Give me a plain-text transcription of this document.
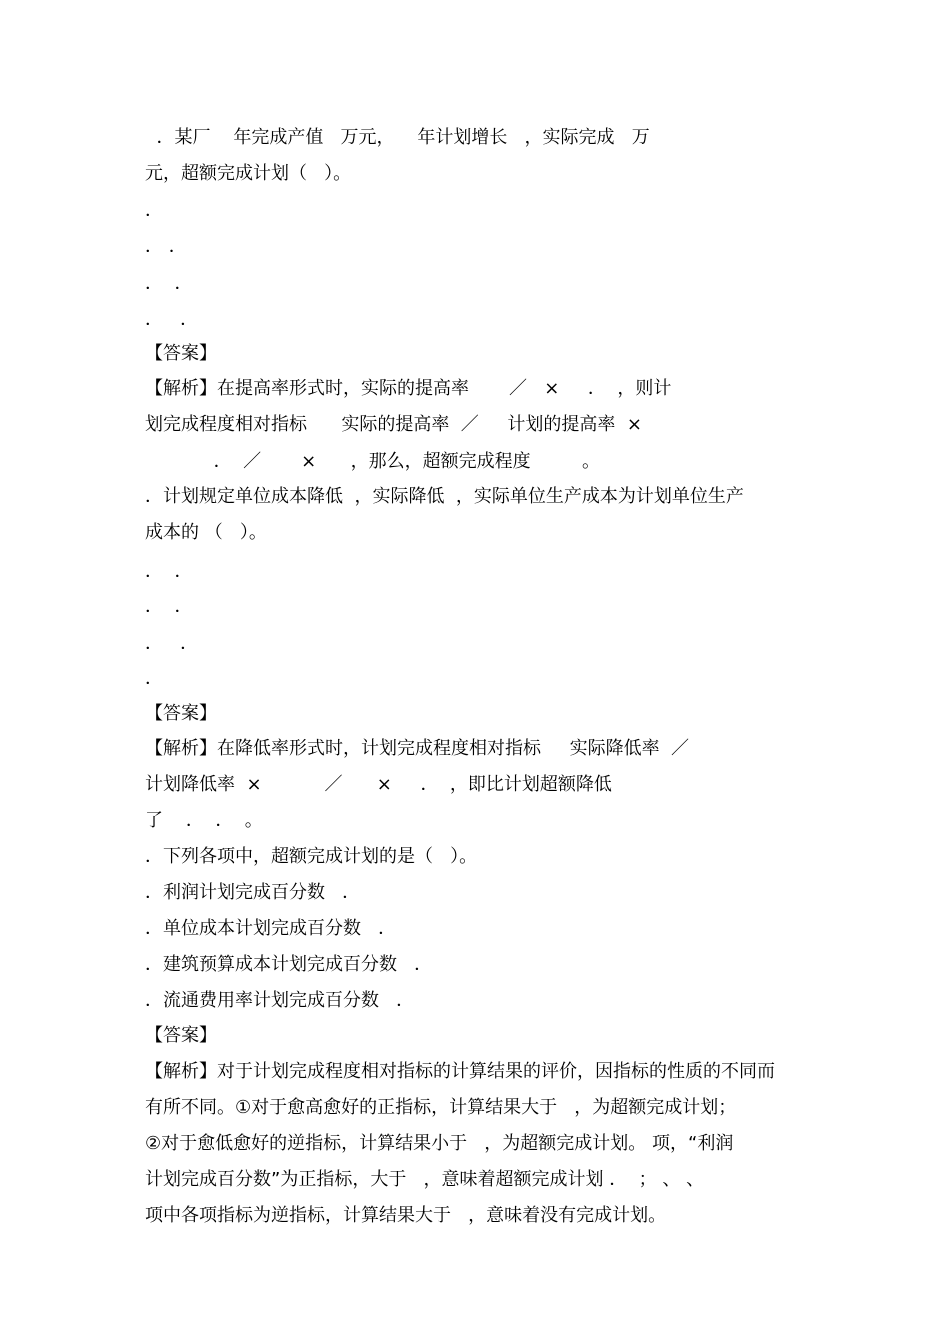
．某厂    年完成产值   万元，    年计划增长   ，实际完成   万
元，超额完成计划（   ）。
．
． ．
．  ．
．   ．
【答案】
【解析】在提高率形式时，实际的提高率       ／   ×     ．  ，则计
划完成程度相对指标      实际的提高率  ／     计划的提高率  ×
．  ／       ×      ，那么，超额完成程度         。
．计划规定单位成本降低  ，实际降低  ，实际单位生产成本为计划单位生产
成本的 （   ）。
．  ．
．  ．
．   ．
．
【答案】
【解析】在降低率形式时，计划完成程度相对指标     实际降低率  ／
计划降低率  ×           ／      ×     ．  ，即比计划超额降低
了    ．  ．  。
．下列各项中，超额完成计划的是（   ）。
．利润计划完成百分数   ．
．单位成本计划完成百分数   ．
．建筑预算成本计划完成百分数   ．
．流通费用率计划完成百分数   ．
【答案】
【解析】对于计划完成程度相对指标的计算结果的评价，因指标的性质的不同而
有所不同。①对于愈高愈好的正指标，计算结果大于   ，为超额完成计划；
②对于愈低愈好的逆指标，计算结果小于   ，为超额完成计划。 项，“利润
计划完成百分数”为正指标，大于   ，意味着超额完成计划 ．  ； 、 、
项中各项指标为逆指标，计算结果大于   ，意味着没有完成计划。
